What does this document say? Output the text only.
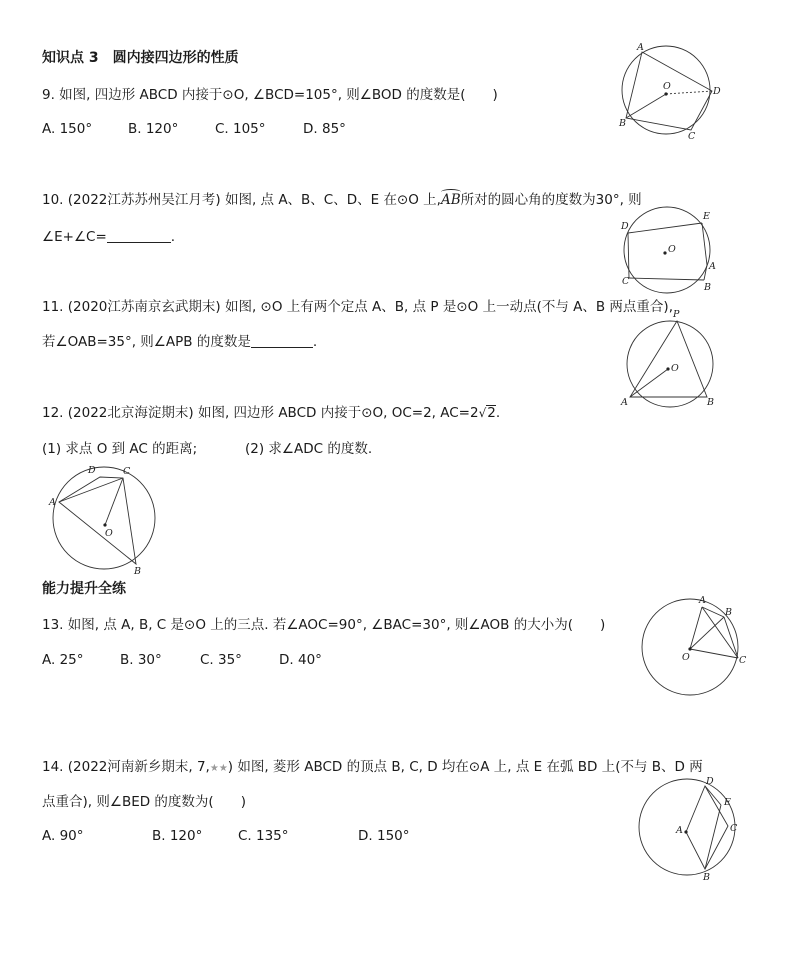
知识点 3　圆内接四边形的性质
9. 如图, 四边形 ABCD 内接于⊙O, ∠BCD=105°, 则∠BOD 的度数是(　　)
A. 150°	B. 120°	C. 105°	D. 85°
A
B
C
D
O
10. (2022江苏苏州吴江月考) 如图, 点 A、B、C、D、E 在⊙O 上,AB所对的圆心角的度数为30°, 则
∠E+∠C=	.
D
E
A
B
C
O
11. (2020江苏南京玄武期末) 如图, ⊙O 上有两个定点 A、B, 点 P 是⊙O 上一动点(不与 A、B 两点重合),
若∠OAB=35°, 则∠APB 的度数是	.
P
A	B
O
12. (2022北京海淀期末) 如图, 四边形 ABCD 内接于⊙O, OC=2, AC=2√2.
(1) 求点 O 到 AC 的距离;	(2) 求∠ADC 的度数.
D	C
A
B
O
能力提升全练
13. 如图, 点 A, B, C 是⊙O 上的三点. 若∠AOC=90°, ∠BAC=30°, 则∠AOB 的大小为(　　)
A. 25°	B. 30°	C. 35°	D. 40°
A
B
C
O
14. (2022河南新乡期末, 7,★★) 如图, 菱形 ABCD 的顶点 B, C, D 均在⊙A 上, 点 E 在弧 BD 上(不与 B、D 两
点重合), 则∠BED 的度数为(　　)
A. 90°	B. 120°	C. 135°	D. 150°
D
E
C
A
B
